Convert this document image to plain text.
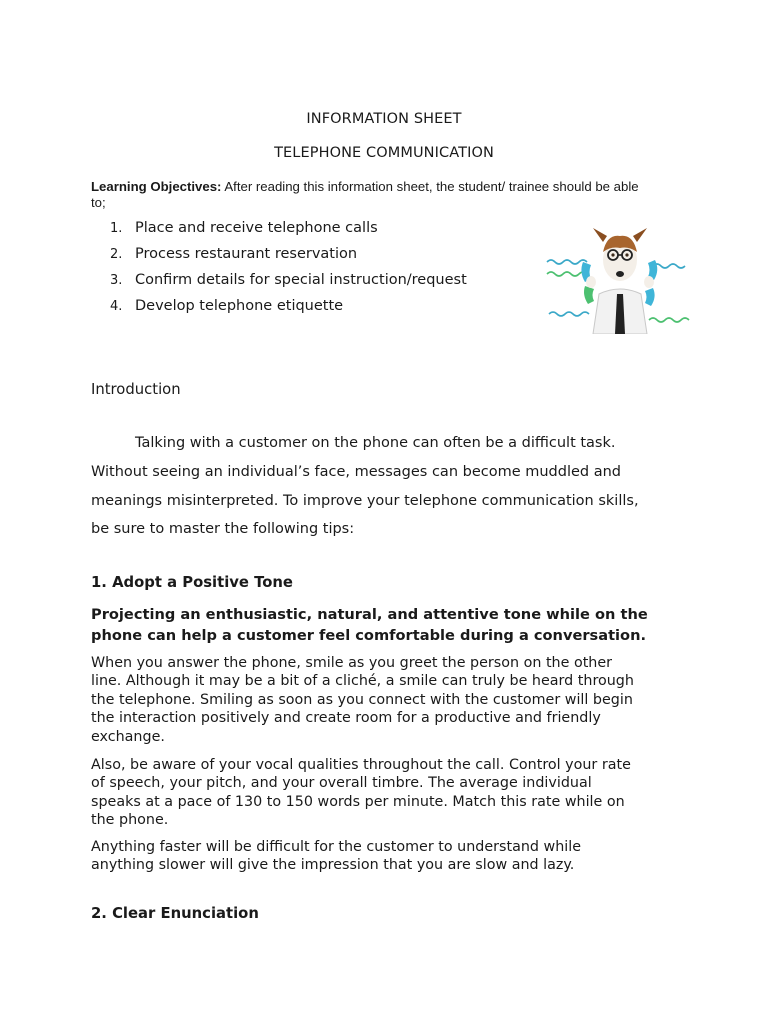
INFORMATION SHEET
TELEPHONE COMMUNICATION
Learning Objectives: After reading this information sheet, the student/ trainee should be able
to;
1. Place and receive telephone calls
2. Process restaurant reservation
3. Confirm details for special instruction/request
4. Develop telephone etiquette
Introduction
Talking with a customer on the phone can often be a difficult task.
Without seeing an individual’s face, messages can become muddled and
meanings misinterpreted. To improve your telephone communication skills,
be sure to master the following tips:
1. Adopt a Positive Tone
Projecting an enthusiastic, natural, and attentive tone while on the
phone can help a customer feel comfortable during a conversation.
When you answer the phone, smile as you greet the person on the other
line. Although it may be a bit of a cliché, a smile can truly be heard through
the telephone. Smiling as soon as you connect with the customer will begin
the interaction positively and create room for a productive and friendly
exchange.
Also, be aware of your vocal qualities throughout the call. Control your rate
of speech, your pitch, and your overall timbre. The average individual
speaks at a pace of 130 to 150 words per minute. Match this rate while on
the phone.
Anything faster will be difficult for the customer to understand while
anything slower will give the impression that you are slow and lazy.
2. Clear Enunciation
